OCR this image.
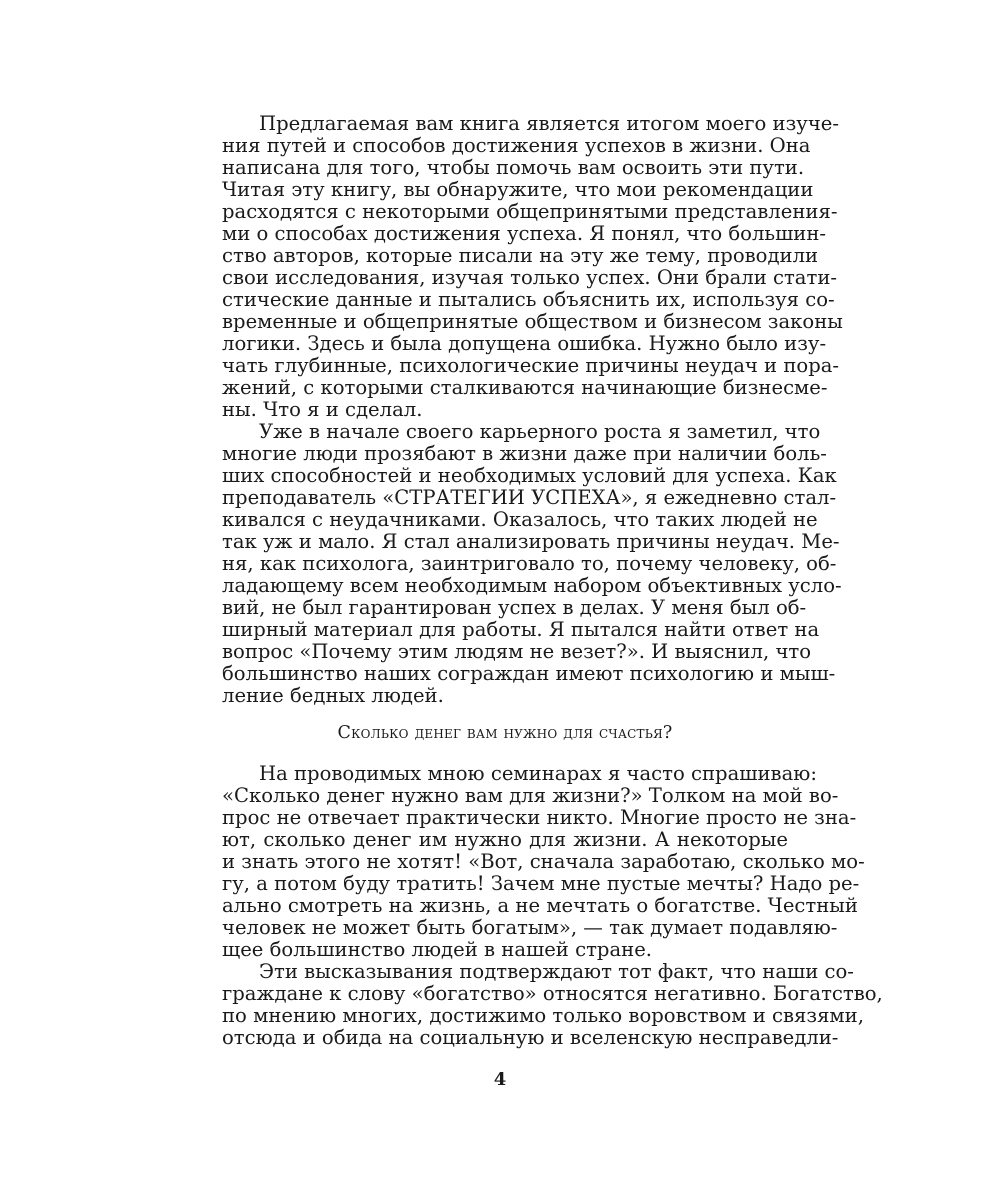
Предлагаемая вам книга является итогом моего изуче-
ния путей и способов достижения успехов в жизни. Она
написана для того, чтобы помочь вам освоить эти пути.
Читая эту книгу, вы обнаружите, что мои рекомендации
расходятся с некоторыми общепринятыми представления-
ми о способах достижения успеха. Я понял, что большин-
ство авторов, которые писали на эту же тему, проводили
свои исследования, изучая только успех. Они брали стати-
стические данные и пытались объяснить их, используя со-
временные и общепринятые обществом и бизнесом законы
логики. Здесь и была допущена ошибка. Нужно было изу-
чать глубинные, психологические причины неудач и пора-
жений, с которыми сталкиваются начинающие бизнесме-
ны. Что я и сделал.
Уже в начале своего карьерного роста я заметил, что
многие люди прозябают в жизни даже при наличии боль-
ших способностей и необходимых условий для успеха. Как
преподаватель «СТРАТЕГИИ УСПЕХА», я ежедневно стал-
кивался с неудачниками. Оказалось, что таких людей не
так уж и мало. Я стал анализировать причины неудач. Ме-
ня, как психолога, заинтриговало то, почему человеку, об-
ладающему всем необходимым набором объективных усло-
вий, не был гарантирован успех в делах. У меня был об-
ширный материал для работы. Я пытался найти ответ на
вопрос «Почему этим людям не везет?». И выяснил, что
большинство наших сограждан имеют психологию и мыш-
ление бедных людей.
Сколько денег вам нужно для счастья?
На проводимых мною семинарах я часто спрашиваю:
«Сколько денег нужно вам для жизни?» Толком на мой во-
прос не отвечает практически никто. Многие просто не зна-
ют, сколько денег им нужно для жизни. А некоторые
и знать этого не хотят! «Вот, сначала заработаю, сколько мо-
гу, а потом буду тратить! Зачем мне пустые мечты? Надо ре-
ально смотреть на жизнь, а не мечтать о богатстве. Честный
человек не может быть богатым», — так думает подавляю-
щее большинство людей в нашей стране.
Эти высказывания подтверждают тот факт, что наши со-
граждане к слову «богатство» относятся негативно. Богатство,
по мнению многих, достижимо только воровством и связями,
отсюда и обида на социальную и вселенскую несправедли-
4
